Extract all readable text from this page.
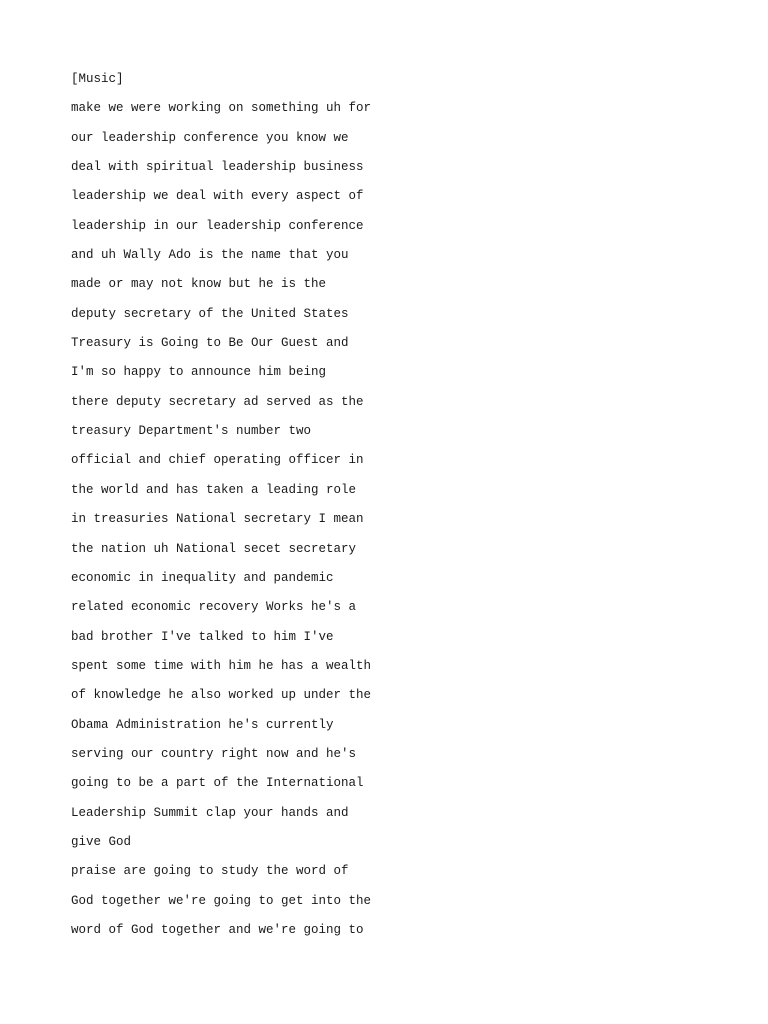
[Music]
make we were working on something uh for
our leadership conference you know we
deal with spiritual leadership business
leadership we deal with every aspect of
leadership in our leadership conference
and uh Wally Ado is the name that you
made or may not know but he is the
deputy secretary of the United States
Treasury is Going to Be Our Guest and
I'm so happy to announce him being
there deputy secretary ad served as the
treasury Department's number two
official and chief operating officer in
the world and has taken a leading role
in treasuries National secretary I mean
the nation uh National secet secretary
economic in inequality and pandemic
related economic recovery Works he's a
bad brother I've talked to him I've
spent some time with him he has a wealth
of knowledge he also worked up under the
Obama Administration he's currently
serving our country right now and he's
going to be a part of the International
Leadership Summit clap your hands and
give God
praise are going to study the word of
God together we're going to get into the
word of God together and we're going to
